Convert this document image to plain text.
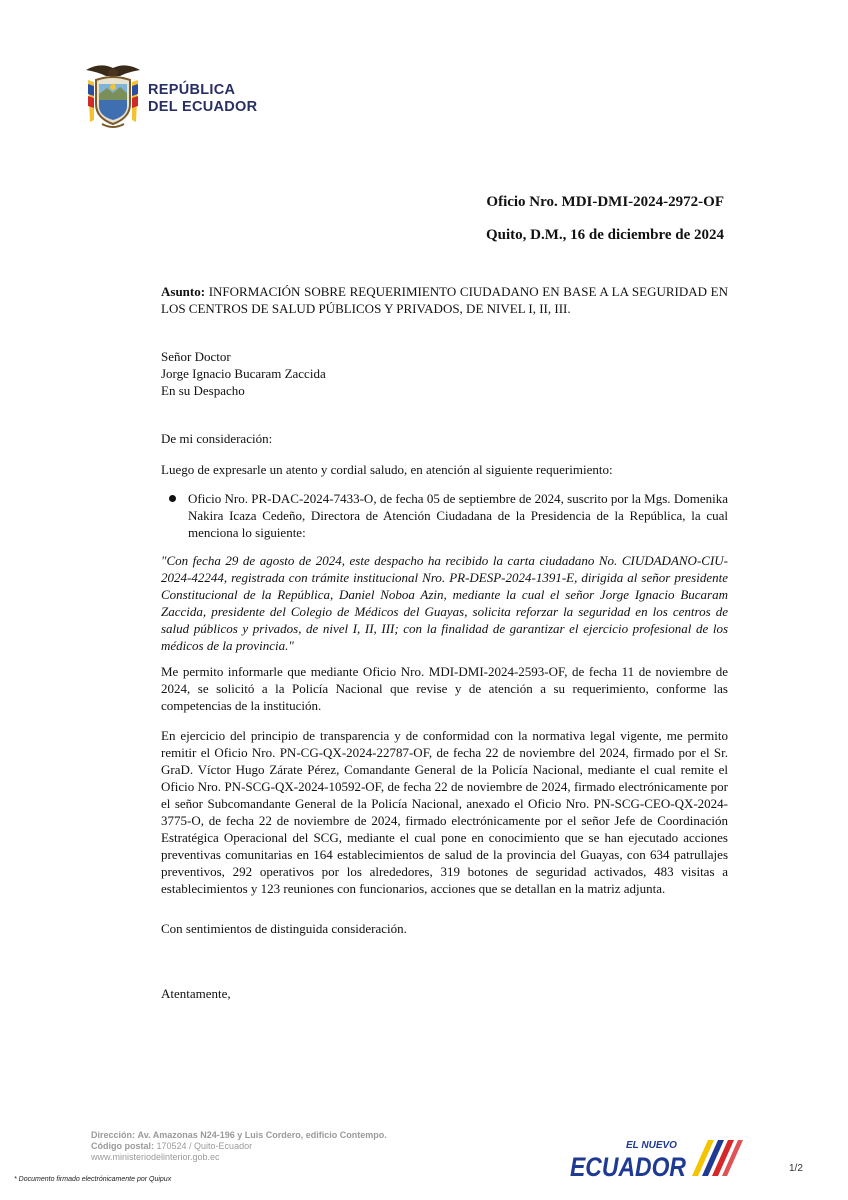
REPÚBLICA
DEL ECUADOR
Oficio Nro. MDI-DMI-2024-2972-OF
Quito, D.M., 16 de diciembre de 2024

Asunto: INFORMACIÓN SOBRE REQUERIMIENTO CIUDADANO EN BASE A LA SEGURIDAD EN LOS CENTROS DE SALUD PÚBLICOS Y PRIVADOS, DE NIVEL I, II, III.

Señor Doctor

Jorge Ignacio Bucaram Zaccida

En su Despacho

De mi consideración:

Luego de expresarle un atento y cordial saludo, en atención al siguiente requerimiento:

Oficio Nro. PR-DAC-2024-7433-O, de fecha 05 de septiembre de 2024, suscrito por la Mgs. Domenika Nakira Icaza Cedeño, Directora de Atención Ciudadana de la Presidencia de la República, la cual menciona lo siguiente:

"Con fecha 29 de agosto de 2024, este despacho ha recibido la carta ciudadano No. CIUDADANO-CIU-2024-42244, registrada con trámite institucional Nro. PR-DESP-2024-1391-E, dirigida al señor presidente Constitucional de la República, Daniel Noboa Azin, mediante la cual el señor Jorge Ignacio Bucaram Zaccida, presidente del Colegio de Médicos del Guayas, solicita reforzar la seguridad en los centros de salud públicos y privados, de nivel I, II, III; con la finalidad de garantizar el ejercicio profesional de los médicos de la provincia."

Me permito informarle que mediante Oficio Nro. MDI-DMI-2024-2593-OF, de fecha 11 de noviembre de 2024, se solicitó a la Policía Nacional que revise y de atención a su requerimiento, conforme las competencias de la institución.

En ejercicio del principio de transparencia y de conformidad con la normativa legal vigente, me permito remitir el Oficio Nro. PN-CG-QX-2024-22787-OF, de fecha 22 de noviembre del 2024, firmado por el Sr. GraD. Víctor Hugo Zárate Pérez, Comandante General de la Policía Nacional, mediante el cual remite el Oficio Nro. PN-SCG-QX-2024-10592-OF, de fecha 22 de noviembre de 2024, firmado electrónicamente por el señor Subcomandante General de la Policía Nacional, anexado el Oficio Nro. PN-SCG-CEO-QX-2024-3775-O, de fecha 22 de noviembre de 2024, firmado electrónicamente por el señor Jefe de Coordinación Estratégica Operacional del SCG, mediante el cual pone en conocimiento que se han ejecutado acciones preventivas comunitarias en 164 establecimientos de salud de la provincia del Guayas, con 634 patrullajes preventivos, 292 operativos por los alrededores, 319 botones de seguridad activados, 483 visitas a establecimientos y 123 reuniones con funcionarios, acciones que se detallan en la matriz adjunta.

Con sentimientos de distinguida consideración.

Atentamente,

Dirección: Av. Amazonas N24-196 y Luis Cordero, edificio Contempo.
Código postal: 170524 / Quito-Ecuador
www.ministeriodelinterior.gob.ec
EL NUEVO
ECUADOR	1/2
* Documento firmado electrónicamente por Quipux
